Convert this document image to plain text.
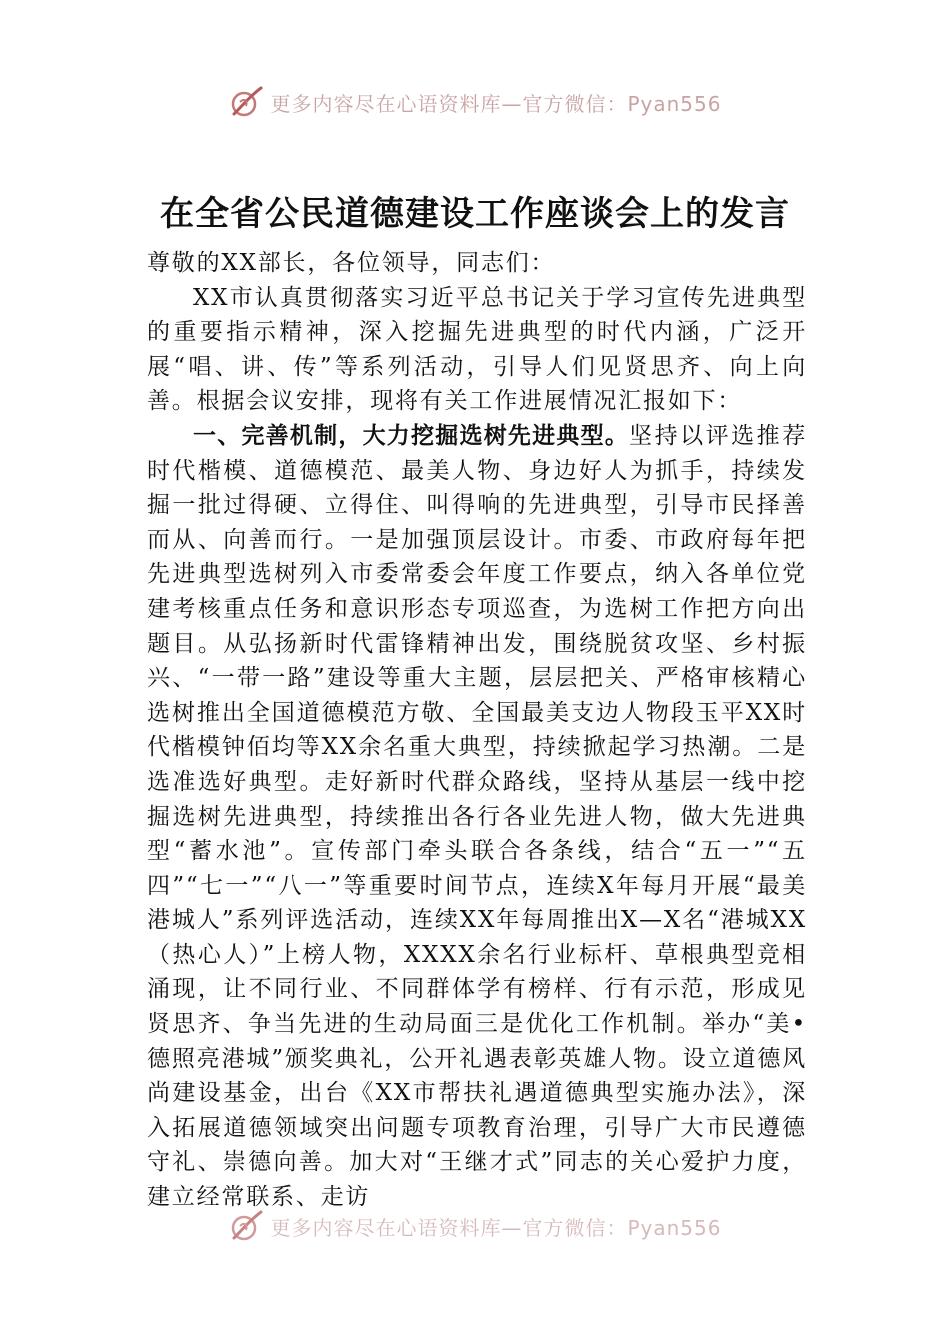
更多内容尽在心语资料库—官方微信：Pyan556
在全省公民道德建设工作座谈会上的发言

尊敬的XX部长，各位领导，同志们：

XX市认真贯彻落实习近平总书记关于学习宣传先进典型的重要指示精神，深入挖掘先进典型的时代内涵，广泛开展“唱、讲、传”等系列活动，引导人们见贤思齐、向上向善。根据会议安排，现将有关工作进展情况汇报如下：

一、完善机制，大力挖掘选树先进典型。坚持以评选推荐时代楷模、道德模范、最美人物、身边好人为抓手，持续发掘一批过得硬、立得住、叫得响的先进典型，引导市民择善而从、向善而行。一是加强顶层设计。市委、市政府每年把先进典型选树列入市委常委会年度工作要点，纳入各单位党建考核重点任务和意识形态专项巡查，为选树工作把方向出题目。从弘扬新时代雷锋精神出发，围绕脱贫攻坚、乡村振兴、“一带一路”建设等重大主题，层层把关、严格审核精心选树推出全国道德模范方敬、全国最美支边人物段玉平XX时代楷模钟佰均等XX余名重大典型，持续掀起学习热潮。二是选准选好典型。走好新时代群众路线，坚持从基层一线中挖掘选树先进典型，持续推出各行各业先进人物，做大先进典型“蓄水池”。宣传部门牵头联合各条线，结合“五一”“五四”“七一”“八一”等重要时间节点，连续X年每月开展“最美港城人”系列评选活动，连续XX年每周推出X—X名“港城XX（热心人）”上榜人物，XXXX余名行业标杆、草根典型竞相涌现，让不同行业、不同群体学有榜样、行有示范，形成见贤思齐、争当先进的生动局面三是优化工作机制。举办“美•德照亮港城”颁奖典礼，公开礼遇表彰英雄人物。设立道德风尚建设基金，出台《XX市帮扶礼遇道德典型实施办法》，深入拓展道德领域突出问题专项教育治理，引导广大市民遵德守礼、崇德向善。加大对“王继才式”同志的关心爱护力度，建立经常联系、走访

更多内容尽在心语资料库—官方微信：Pyan556
